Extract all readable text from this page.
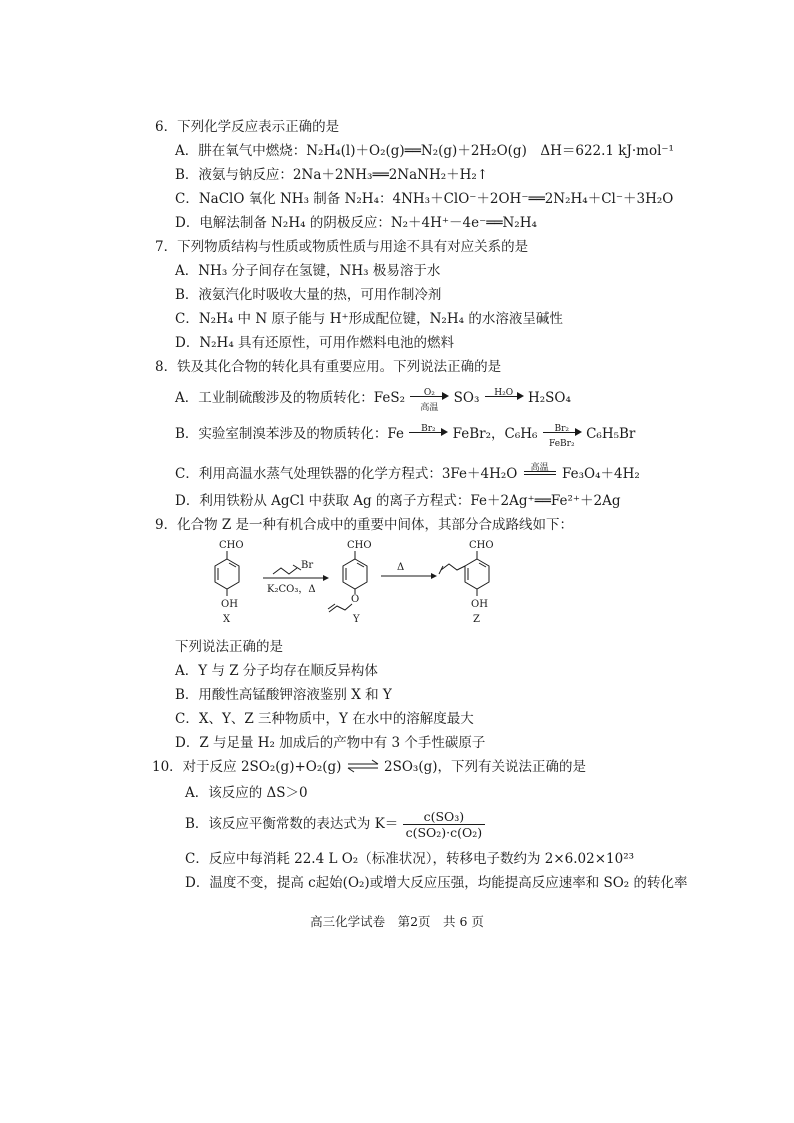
6．下列化学反应表示正确的是
A．肼在氧气中燃烧：N₂H₄(l)＋O₂(g)══N₂(g)＋2H₂O(g)　ΔH＝622.1 kJ·mol⁻¹
B．液氨与钠反应：2Na＋2NH₃══2NaNH₂＋H₂↑
C．NaClO 氧化 NH₃ 制备 N₂H₄：4NH₃＋ClO⁻＋2OH⁻══2N₂H₄＋Cl⁻＋3H₂O
D．电解法制备 N₂H₄ 的阴极反应：N₂＋4H⁺－4e⁻══N₂H₄
7．下列物质结构与性质或物质性质与用途不具有对应关系的是
A．NH₃ 分子间存在氢键，NH₃ 极易溶于水
B．液氨汽化时吸收大量的热，可用作制冷剂
C．N₂H₄ 中 N 原子能与 H⁺形成配位键，N₂H₄ 的水溶液呈碱性
D．N₂H₄ 具有还原性，可用作燃料电池的燃料
8．铁及其化合物的转化具有重要应用。下列说法正确的是
A．工业制硫酸涉及的物质转化：FeS₂	O₂
高温
SO₃	H₂O	H₂SO₄
B．实验室制溴苯涉及的物质转化：Fe	Br₂	FeBr₂，C₆H₆	Br₂
FeBr₂
C₆H₅Br
C．利用高温水蒸气处理铁器的化学方程式：3Fe＋4H₂O	高温 Fe₃O₄＋4H₂
D．利用铁粉从 AgCl 中获取 Ag 的离子方程式：Fe＋2Ag⁺══Fe²⁺＋2Ag
9．化合物 Z 是一种有机合成中的重要中间体，其部分合成路线如下：
CHO
OH
X
Br
K₂CO₃，Δ
CHO
O
Y
Δ
CHO
OH
Z
下列说法正确的是
A．Y 与 Z 分子均存在顺反异构体
B．用酸性高锰酸钾溶液鉴别 X 和 Y
C．X、Y、Z 三种物质中，Y 在水中的溶解度最大
D．Z 与足量 H₂ 加成后的产物中有 3 个手性碳原子
10．对于反应 2SO₂(g)+O₂(g) ⇌ 2SO₃(g)，下列有关说法正确的是
A．该反应的 ΔS＞0
B．该反应平衡常数的表达式为 $K= \frac{\text{c(SO₃)}}{\text{c(SO₂)·c(O₂)}}$
C．反应中每消耗 22.4 L O₂（标准状况），转移电子数约为 2×6.02×10²³
D．温度不变，提高 c起始(O₂)或增大反应压强，均能提高反应速率和 SO₂ 的转化率
高三化学试卷　第2页　共 6 页
